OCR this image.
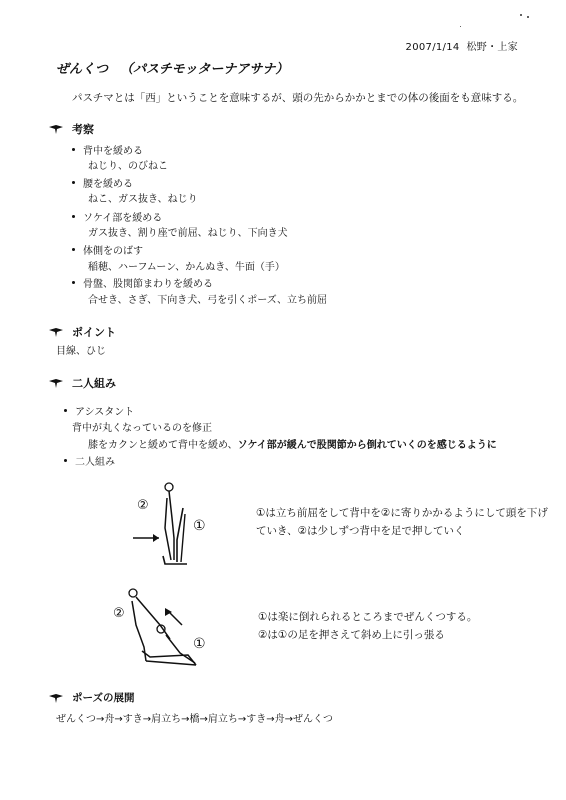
2007/1/14 松野・上家
ぜんくつ （パスチモッターナアサナ）
パスチマとは「西」ということを意味するが、頭の先からかかとまでの体の後面をも意味する。
考察
背中を緩める
ねじり、のびねこ
腰を緩める
ねこ、ガス抜き、ねじり
ソケイ部を緩める
ガス抜き、割り座で前屈、ねじり、下向き犬
体側をのばす
稲穂、ハーフムーン、かんぬき、牛面（手）
骨盤、股関節まわりを緩める
合せき、さぎ、下向き犬、弓を引くポーズ、立ち前屈
ポイント
目線、ひじ
二人組み
アシスタント
背中が丸くなっているのを修正
膝をカクンと緩めて背中を緩め、ソケイ部が緩んで股関節から倒れていくのを感じるように
二人組み
②
①
①は立ち前屈をして背中を②に寄りかかるようにして頭を下げ
ていき、②は少しずつ背中を足で押していく
②
①
①は楽に倒れられるところまでぜんくつする。
②は①の足を押さえて斜め上に引っ張る
ポーズの展開
ぜんくつ→舟→すき→肩立ち→橋→肩立ち→すき→舟→ぜんくつ
